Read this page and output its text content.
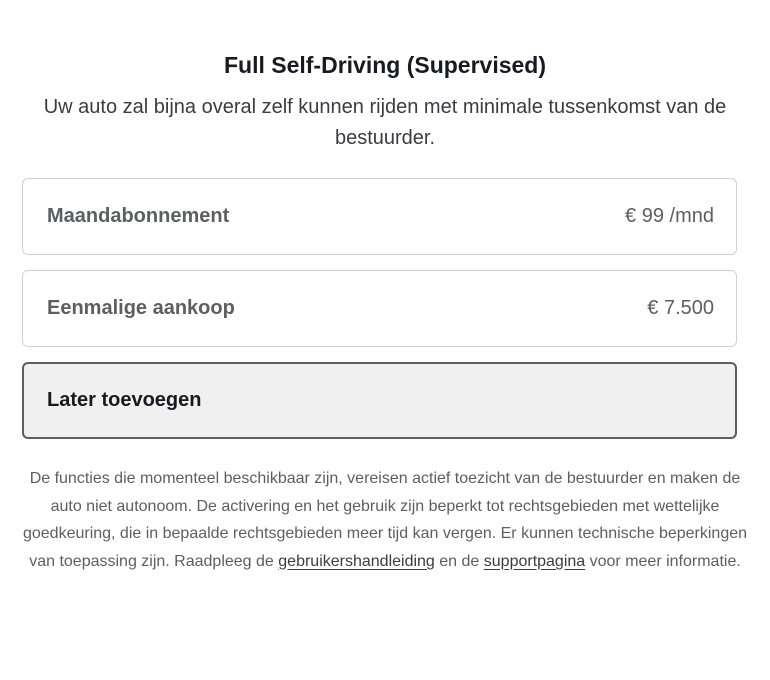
Full Self-Driving (Supervised)
Uw auto zal bijna overal zelf kunnen rijden met minimale tussenkomst van de bestuurder.
Maandabonnement	€ 99 /mnd
Eenmalige aankoop	€ 7.500
Later toevoegen
De functies die momenteel beschikbaar zijn, vereisen actief toezicht van de bestuurder en maken de auto niet autonoom. De activering en het gebruik zijn beperkt tot rechtsgebieden met wettelijke goedkeuring, die in bepaalde rechtsgebieden meer tijd kan vergen. Er kunnen technische beperkingen van toepassing zijn. Raadpleeg de gebruikershandleiding en de supportpagina voor meer informatie.
